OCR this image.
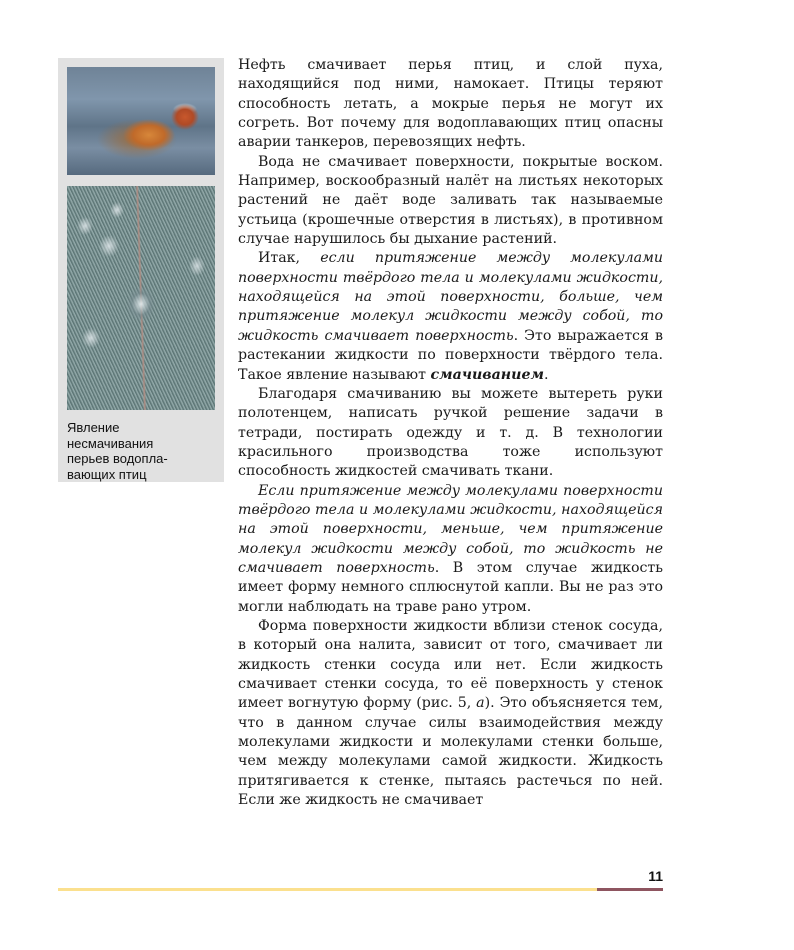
Явление
несмачивания
перьев водопла-
вающих птиц

Нефть смачивает перья птиц, и слой пуха, находящийся под ними, намокает. Птицы теряют способность летать, а мокрые перья не могут их согреть. Вот почему для водоплавающих птиц опасны аварии танкеров, перевозящих нефть.

Вода не смачивает поверхности, покрытые воском. Например, воскообразный налёт на листьях некоторых растений не даёт воде заливать так называемые устьица (крошечные отверстия в листьях), в противном случае нарушилось бы дыхание растений.

Итак, если притяжение между молекулами поверхности твёрдого тела и молекулами жидкости, находящейся на этой поверхности, больше, чем притяжение молекул жидкости между собой, то жидкость смачивает поверхность. Это выражается в растекании жидкости по поверхности твёрдого тела. Такое явление называют смачиванием.

Благодаря смачиванию вы можете вытереть руки полотенцем, написать ручкой решение задачи в тетради, постирать одежду и т. д. В технологии красильного производства тоже используют способность жидкостей смачивать ткани.

Если притяжение между молекулами поверхности твёрдого тела и молекулами жидкости, находящейся на этой поверхности, меньше, чем притяжение молекул жидкости между собой, то жидкость не смачивает поверхность. В этом случае жидкость имеет форму немного сплюснутой капли. Вы не раз это могли наблюдать на траве рано утром.

Форма поверхности жидкости вблизи стенок сосуда, в который она налита, зависит от того, смачивает ли жидкость стенки сосуда или нет. Если жидкость смачивает стенки сосуда, то её поверхность у стенок имеет вогнутую форму (рис. 5, а). Это объясняется тем, что в данном случае силы взаимодействия между молекулами жидкости и молекулами стенки больше, чем между молекулами самой жидкости. Жидкость притягивается к стенке, пытаясь растечься по ней. Если же жидкость не смачивает

11
